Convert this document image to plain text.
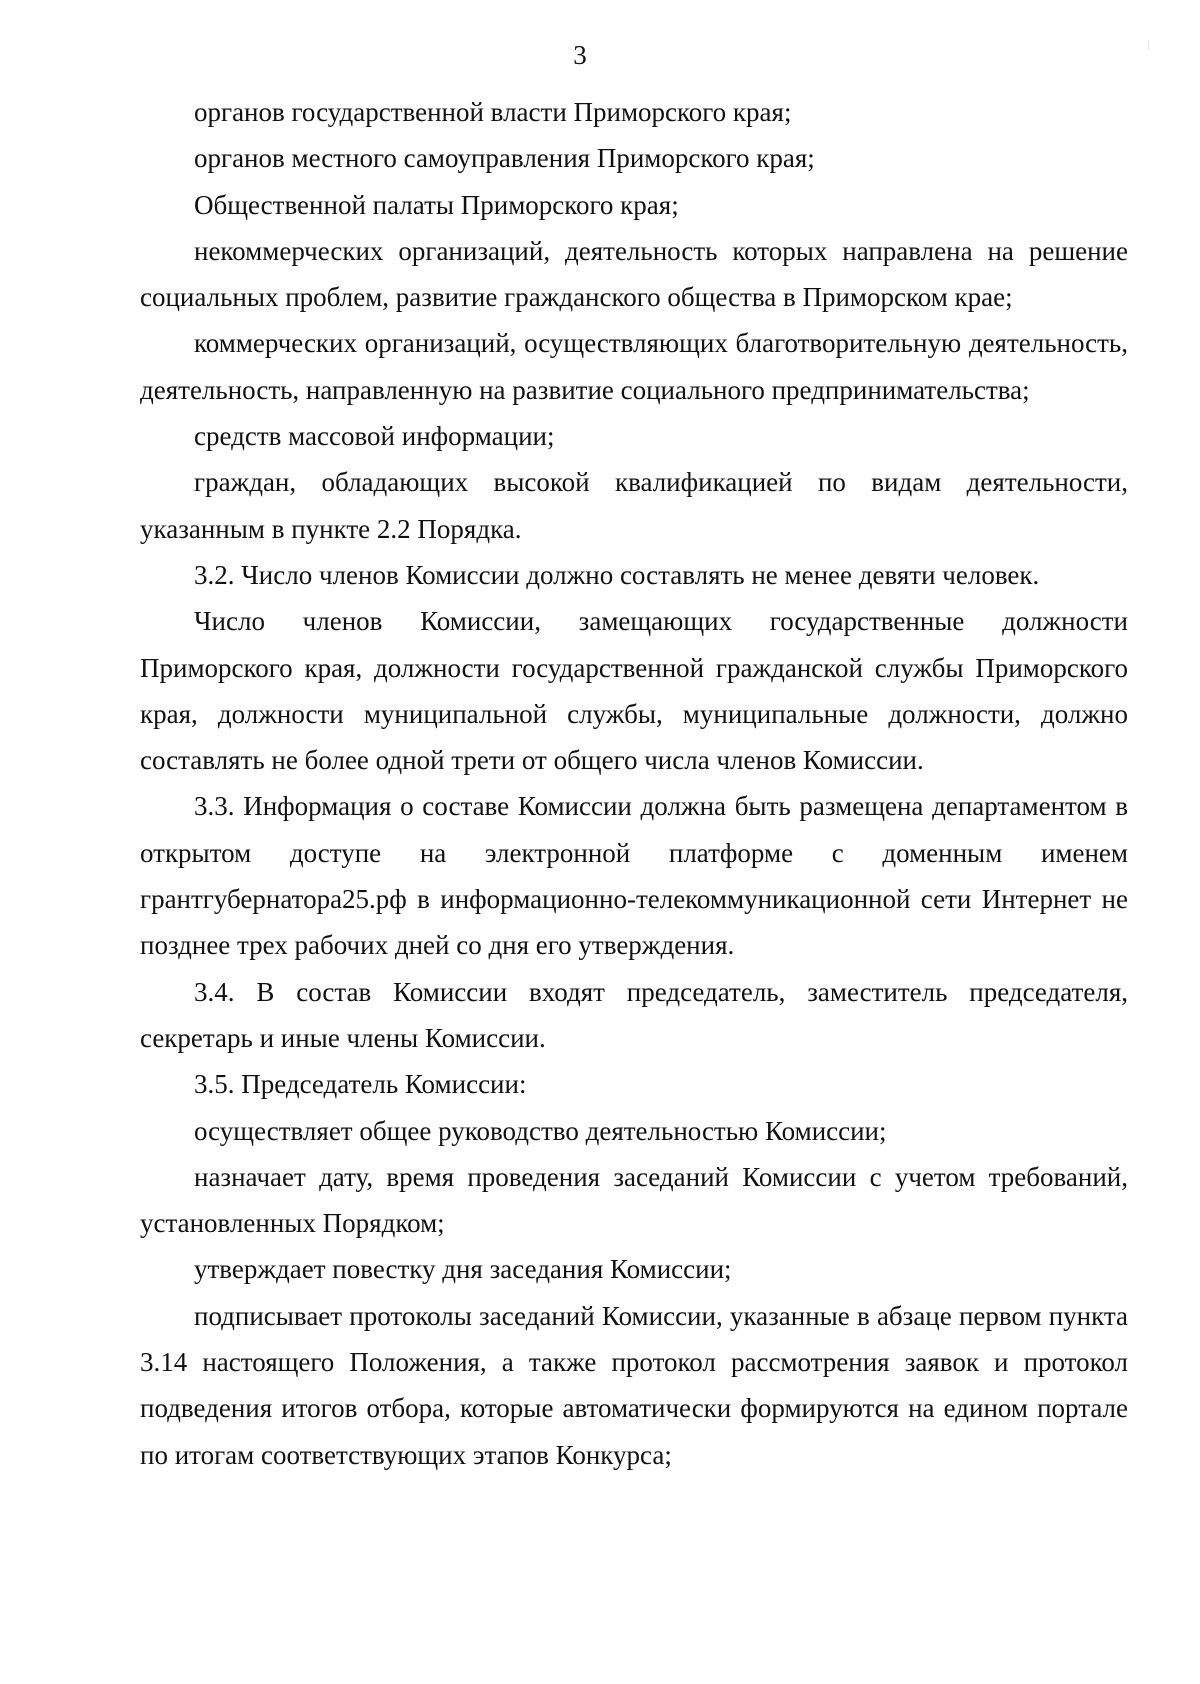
3

органов государственной власти Приморского края;

органов местного самоуправления Приморского края;

Общественной палаты Приморского края;

некоммерческих организаций, деятельность которых направлена на решение социальных проблем, развитие гражданского общества в Приморском крае;

коммерческих организаций, осуществляющих благотворительную деятельность, деятельность, направленную на развитие социального предпринимательства;

средств массовой информации;

граждан, обладающих высокой квалификацией по видам деятельности, указанным в пункте 2.2 Порядка.

3.2. Число членов Комиссии должно составлять не менее девяти человек.

Число членов Комиссии, замещающих государственные должности Приморского края, должности государственной гражданской службы Приморского края, должности муниципальной службы, муниципальные должности, должно составлять не более одной трети от общего числа членов Комиссии.

3.3. Информация о составе Комиссии должна быть размещена департаментом в открытом доступе на электронной платформе с доменным именем грантгубернатора25.рф в информационно-телекоммуникационной сети Интернет не позднее трех рабочих дней со дня его утверждения.

3.4. В состав Комиссии входят председатель, заместитель председателя, секретарь и иные члены Комиссии.

3.5. Председатель Комиссии:

осуществляет общее руководство деятельностью Комиссии;

назначает дату, время проведения заседаний Комиссии с учетом требований, установленных Порядком;

утверждает повестку дня заседания Комиссии;

подписывает протоколы заседаний Комиссии, указанные в абзаце первом пункта 3.14 настоящего Положения, а также протокол рассмотрения заявок и протокол подведения итогов отбора, которые автоматически формируются на едином портале по итогам соответствующих этапов Конкурса;
